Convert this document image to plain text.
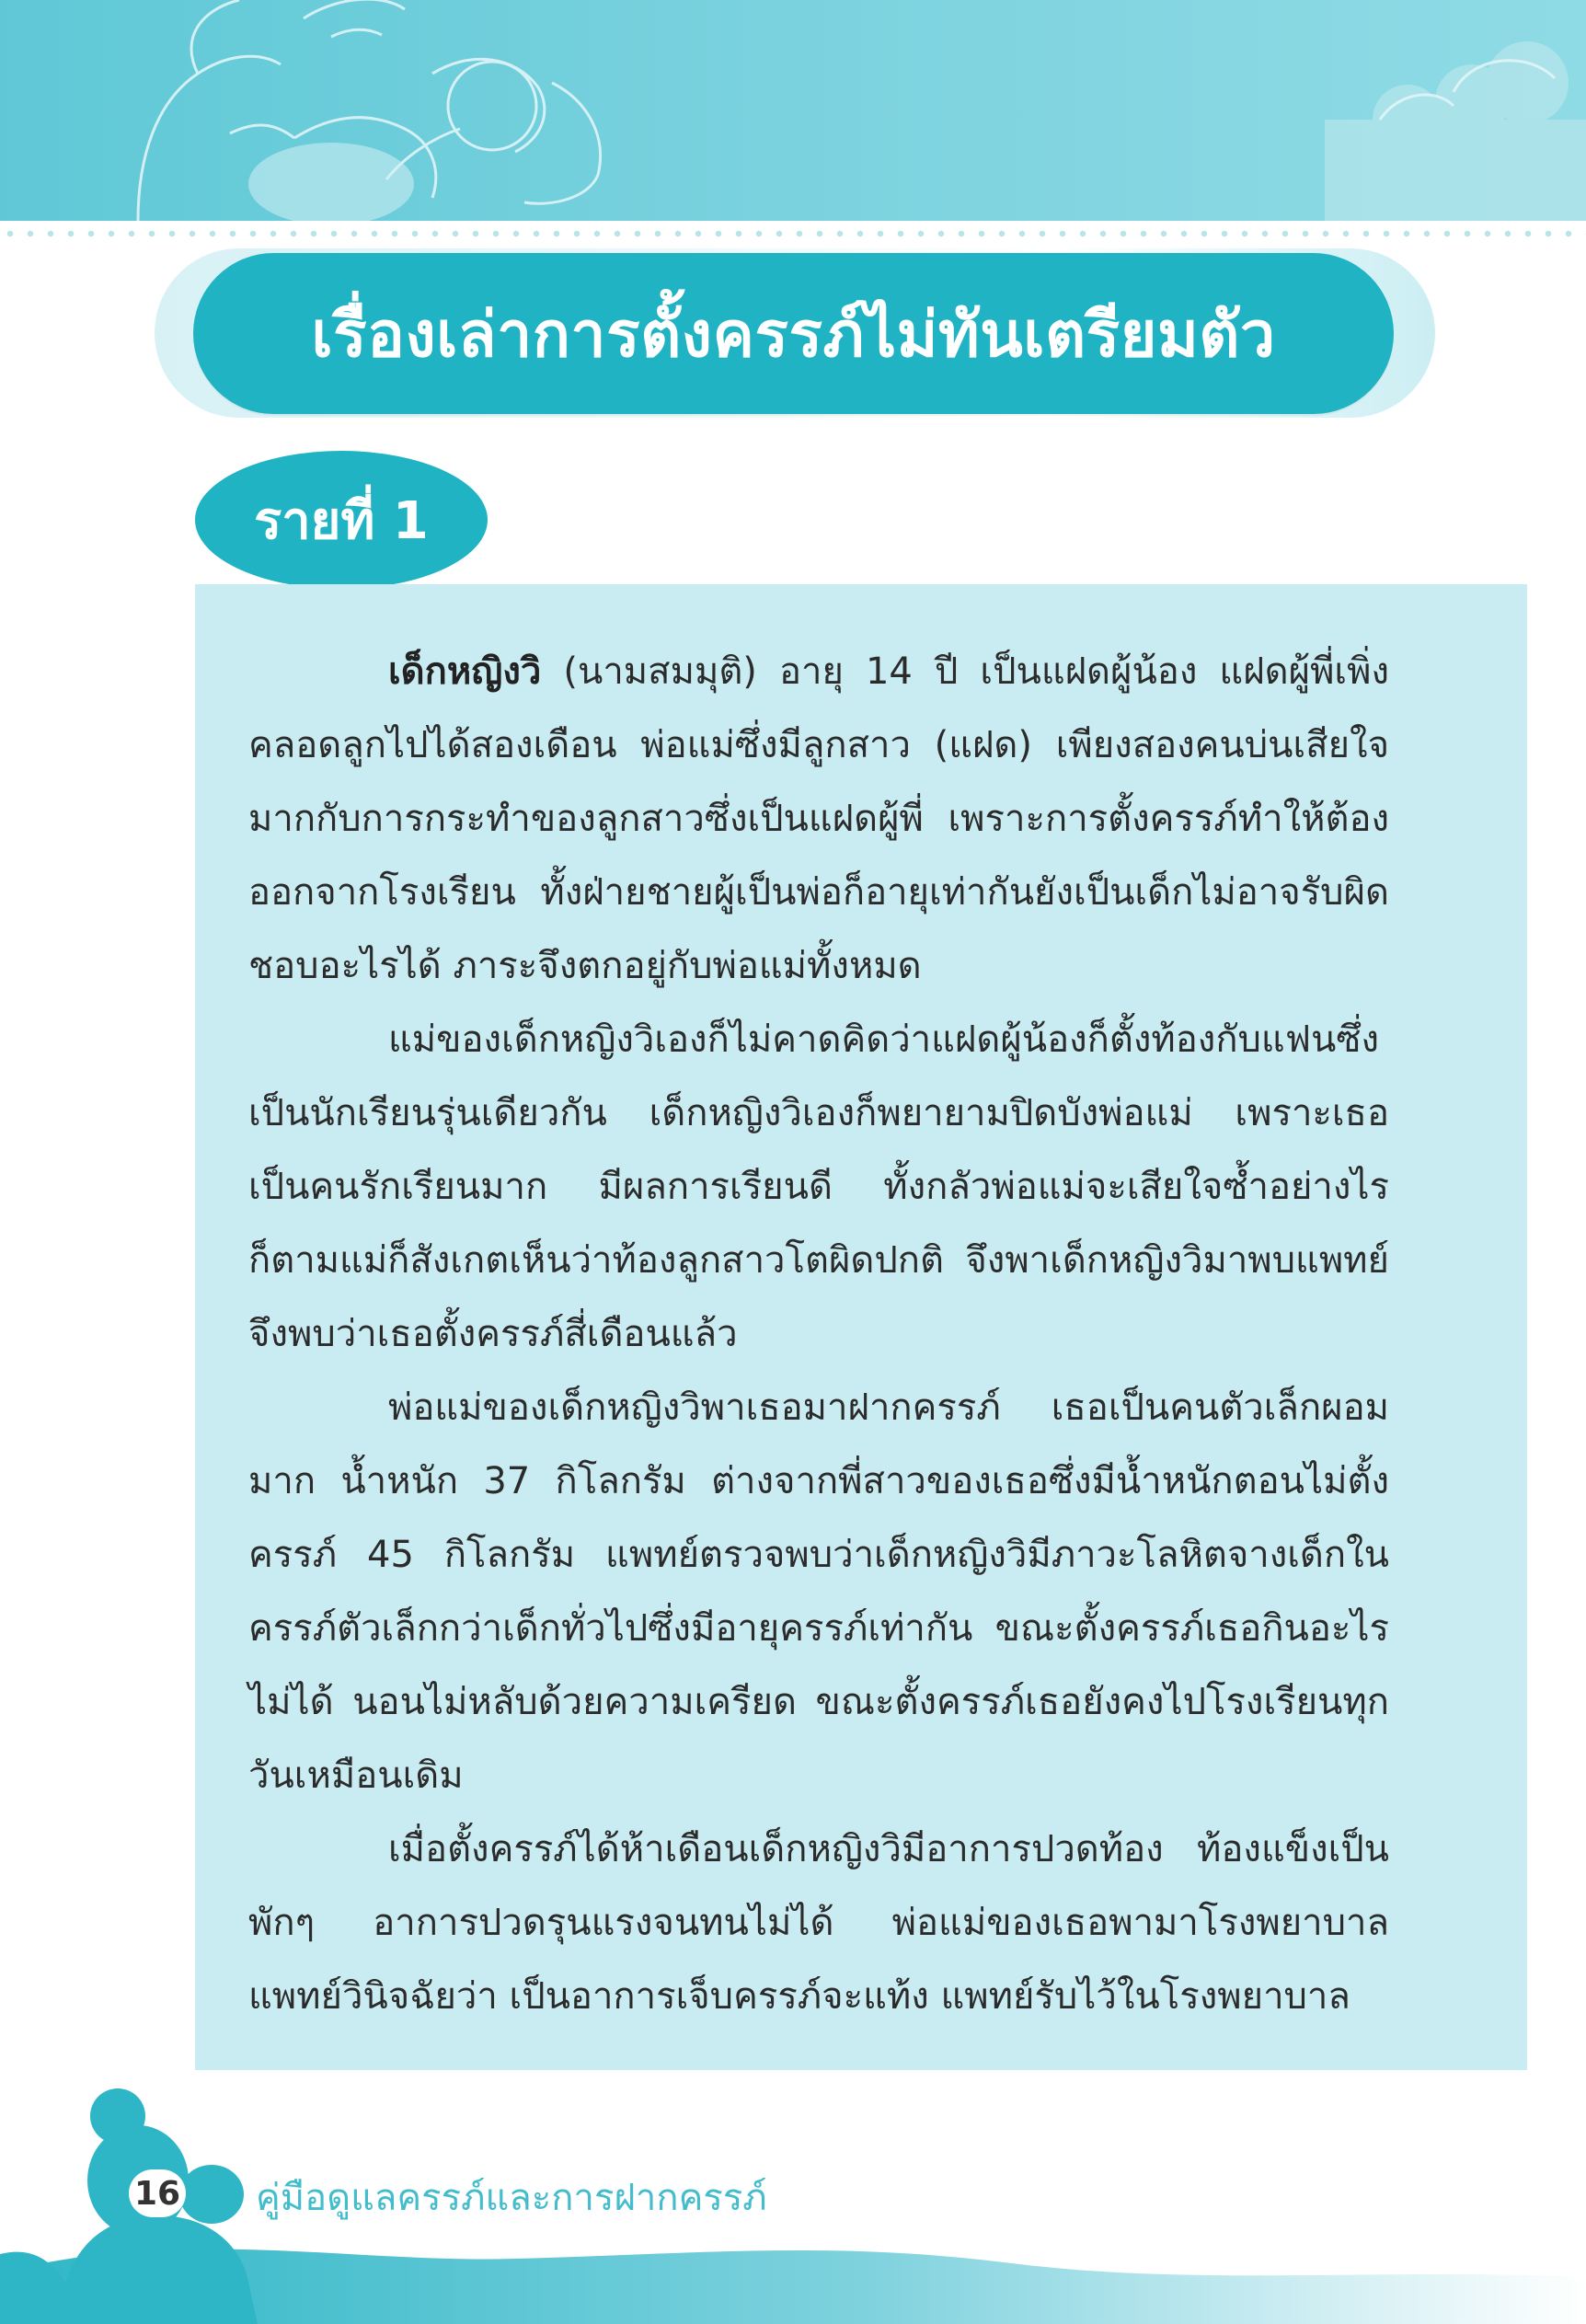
เรื่องเล่าการตั้งครรภ์ไม่ทันเตรียมตัว
รายที่ 1

เด็กหญิงวิ (นามสมมุติ) อายุ 14 ปี เป็นแฝดผู้น้อง แฝดผู้พี่เพิ่งคลอดลูกไปได้สองเดือน พ่อแม่ซึ่งมีลูกสาว (แฝด) เพียงสองคนบ่นเสียใจมากกับการกระทำของลูกสาวซึ่งเป็นแฝดผู้พี่ เพราะการตั้งครรภ์ทำให้ต้องออกจากโรงเรียน ทั้งฝ่ายชายผู้เป็นพ่อก็อายุเท่ากันยังเป็นเด็กไม่อาจรับผิดชอบอะไรได้ ภาระจึงตกอยู่กับพ่อแม่ทั้งหมด

แม่ของเด็กหญิงวิเองก็ไม่คาดคิดว่าแฝดผู้น้องก็ตั้งท้องกับแฟนซึ่งเป็นนักเรียนรุ่นเดียวกัน เด็กหญิงวิเองก็พยายามปิดบังพ่อแม่ เพราะเธอเป็นคนรักเรียนมาก มีผลการเรียนดี ทั้งกลัวพ่อแม่จะเสียใจซ้ำอย่างไรก็ตามแม่ก็สังเกตเห็นว่าท้องลูกสาวโตผิดปกติ จึงพาเด็กหญิงวิมาพบแพทย์ จึงพบว่าเธอตั้งครรภ์สี่เดือนแล้ว

พ่อแม่ของเด็กหญิงวิพาเธอมาฝากครรภ์ เธอเป็นคนตัวเล็กผอมมาก น้ำหนัก 37 กิโลกรัม ต่างจากพี่สาวของเธอซึ่งมีน้ำหนักตอนไม่ตั้งครรภ์ 45 กิโลกรัม แพทย์ตรวจพบว่าเด็กหญิงวิมีภาวะโลหิตจางเด็กในครรภ์ตัวเล็กกว่าเด็กทั่วไปซึ่งมีอายุครรภ์เท่ากัน ขณะตั้งครรภ์เธอกินอะไรไม่ได้ นอนไม่หลับด้วยความเครียด ขณะตั้งครรภ์เธอยังคงไปโรงเรียนทุกวันเหมือนเดิม

เมื่อตั้งครรภ์ได้ห้าเดือนเด็กหญิงวิมีอาการปวดท้อง ท้องแข็งเป็นพักๆ อาการปวดรุนแรงจนทนไม่ได้ พ่อแม่ของเธอพามาโรงพยาบาลแพทย์วินิจฉัยว่า เป็นอาการเจ็บครรภ์จะแท้ง แพทย์รับไว้ในโรงพยาบาล

16 คู่มือดูแลครรภ์และการฝากครรภ์
